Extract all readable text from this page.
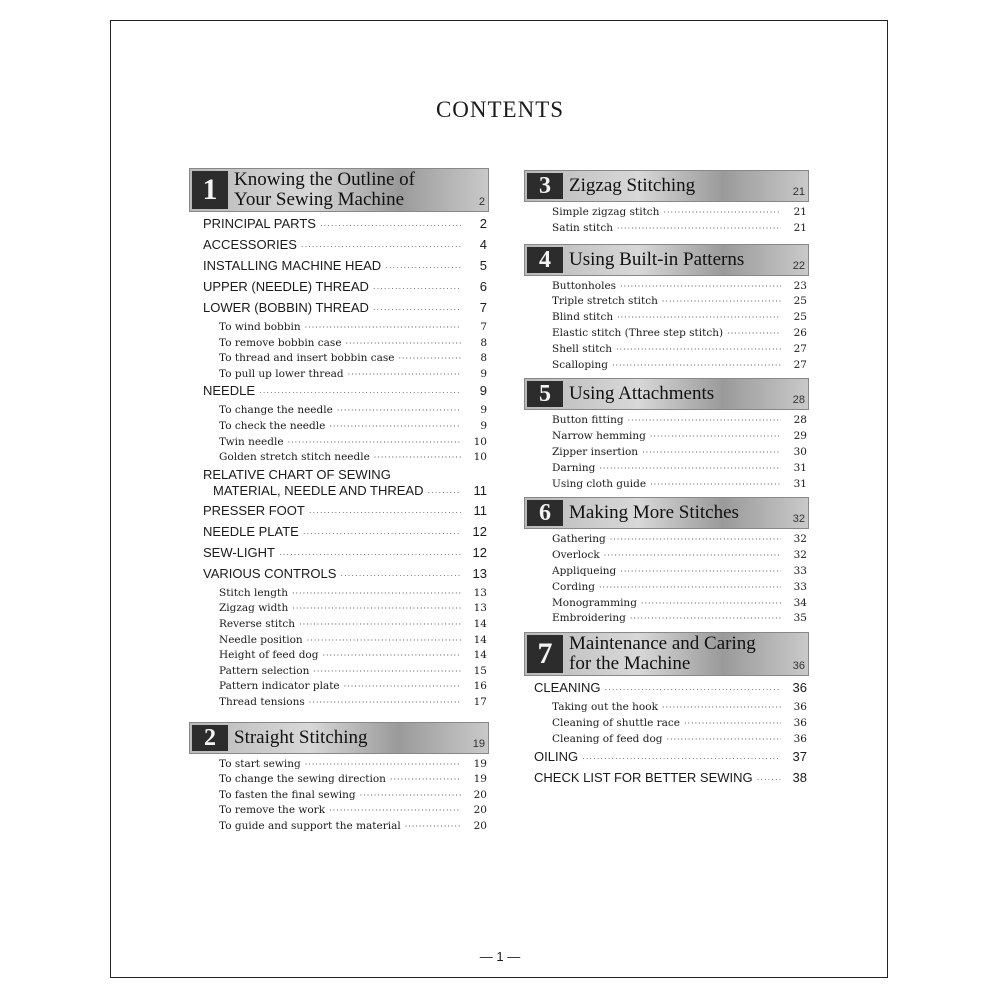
CONTENTS
1 Knowing the Outline of
Your Sewing Machine	2
PRINCIPAL PARTS ·····	2
ACCESSORIES ·····	4
INSTALLING MACHINE HEAD ·····	5
UPPER (NEEDLE) THREAD ·····	6
LOWER (BOBBIN) THREAD ·····	7
To wind bobbin ·····	7
To remove bobbin case ·····	8
To thread and insert bobbin case ·····	8
To pull up lower thread ·····	9
NEEDLE ·····	9
To change the needle ·····	9
To check the needle ·····	9
Twin needle ·····	10
Golden stretch stitch needle ·····	10
RELATIVE CHART OF SEWING
MATERIAL, NEEDLE AND THREAD ·····	11
PRESSER FOOT ·····	11
NEEDLE PLATE ·····	12
SEW-LIGHT ·····	12
VARIOUS CONTROLS ·····	13
Stitch length ·····	13
Zigzag width ·····	13
Reverse stitch ·····	14
Needle position ·····	14
Height of feed dog ·····	14
Pattern selection ·····	15
Pattern indicator plate ·····	16
Thread tensions ·····	17
2 Straight Stitching	19
To start sewing ·····	19
To change the sewing direction ·····	19
To fasten the final sewing ·····	20
To remove the work ·····	20
To guide and support the material ·····	20
3 Zigzag Stitching	21
Simple zigzag stitch ·····	21
Satin stitch ·····	21
4 Using Built-in Patterns	22
Buttonholes ·····	23
Triple stretch stitch ·····	25
Blind stitch ·····	25
Elastic stitch (Three step stitch) ·····	26
Shell stitch ·····	27
Scalloping ·····	27
5 Using Attachments	28
Button fitting ·····	28
Narrow hemming ·····	29
Zipper insertion ·····	30
Darning ·····	31
Using cloth guide ·····	31
6 Making More Stitches	32
Gathering ·····	32
Overlock ·····	32
Appliqueing ·····	33
Cording ·····	33
Monogramming ·····	34
Embroidering ·····	35
7 Maintenance and Caring
for the Machine	36
CLEANING ·····	36
Taking out the hook ·····	36
Cleaning of shuttle race ·····	36
Cleaning of feed dog ·····	36
OILING ·····	37
CHECK LIST FOR BETTER SEWING ·····	38
— 1 —
